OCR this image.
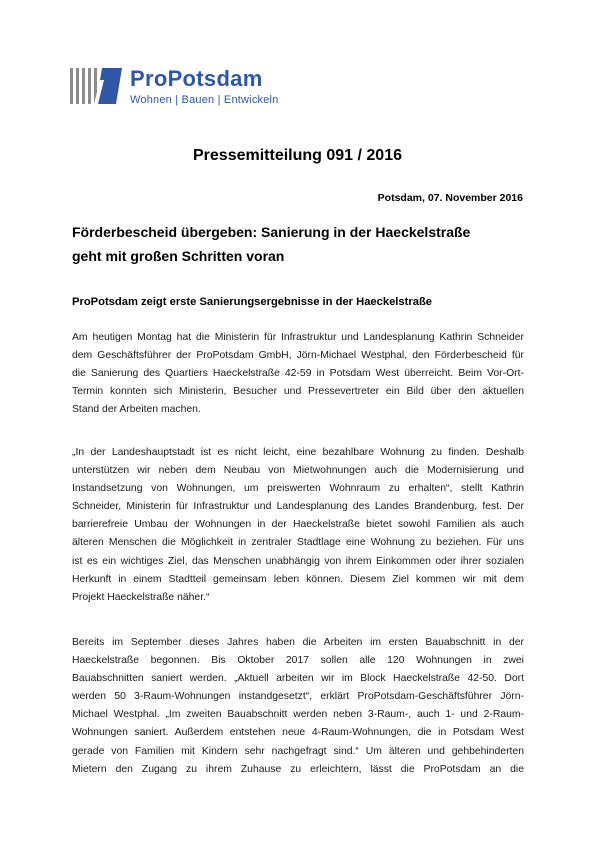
ProPotsdam
Wohnen | Bauen | Entwickeln
Pressemitteilung 091 / 2016
Potsdam, 07. November 2016
Förderbescheid übergeben: Sanierung in der Haeckelstraße
geht mit großen Schritten voran
ProPotsdam zeigt erste Sanierungsergebnisse in der Haeckelstraße
Am heutigen Montag hat die Ministerin für Infrastruktur und Landesplanung Kathrin Schneider
dem Geschäftsführer der ProPotsdam GmbH, Jörn-Michael Westphal, den Förderbescheid für
die Sanierung des Quartiers Haeckelstraße 42-59 in Potsdam West überreicht. Beim Vor-Ort-
Termin konnten sich Ministerin, Besucher und Pressevertreter ein Bild über den aktuellen
Stand der Arbeiten machen.
„In der Landeshauptstadt ist es nicht leicht, eine bezahlbare Wohnung zu finden. Deshalb
unterstützen wir neben dem Neubau von Mietwohnungen auch die Modernisierung und
Instandsetzung von Wohnungen, um preiswerten Wohnraum zu erhalten“, stellt Kathrin
Schneider, Ministerin für Infrastruktur und Landesplanung des Landes Brandenburg, fest. Der
barrierefreie Umbau der Wohnungen in der Haeckelstraße bietet sowohl Familien als auch
älteren Menschen die Möglichkeit in zentraler Stadtlage eine Wohnung zu beziehen. Für uns
ist es ein wichtiges Ziel, das Menschen unabhängig von ihrem Einkommen oder ihrer sozialen
Herkunft in einem Stadtteil gemeinsam leben können. Diesem Ziel kommen wir mit dem
Projekt Haeckelstraße näher.“
Bereits im September dieses Jahres haben die Arbeiten im ersten Bauabschnitt in der
Haeckelstraße begonnen. Bis Oktober 2017 sollen alle 120 Wohnungen in zwei
Bauabschnitten saniert werden. „Aktuell arbeiten wir im Block Haeckelstraße 42-50. Dort
werden 50 3-Raum-Wohnungen instandgesetzt“, erklärt ProPotsdam-Geschäftsführer Jörn-
Michael Westphal. „Im zweiten Bauabschnitt werden neben 3-Raum-, auch 1- und 2-Raum-
Wohnungen saniert. Außerdem entstehen neue 4-Raum-Wohnungen, die in Potsdam West
gerade von Familien mit Kindern sehr nachgefragt sind.“ Um älteren und gehbehinderten
Mietern den Zugang zu ihrem Zuhause zu erleichtern, lässt die ProPotsdam an die
